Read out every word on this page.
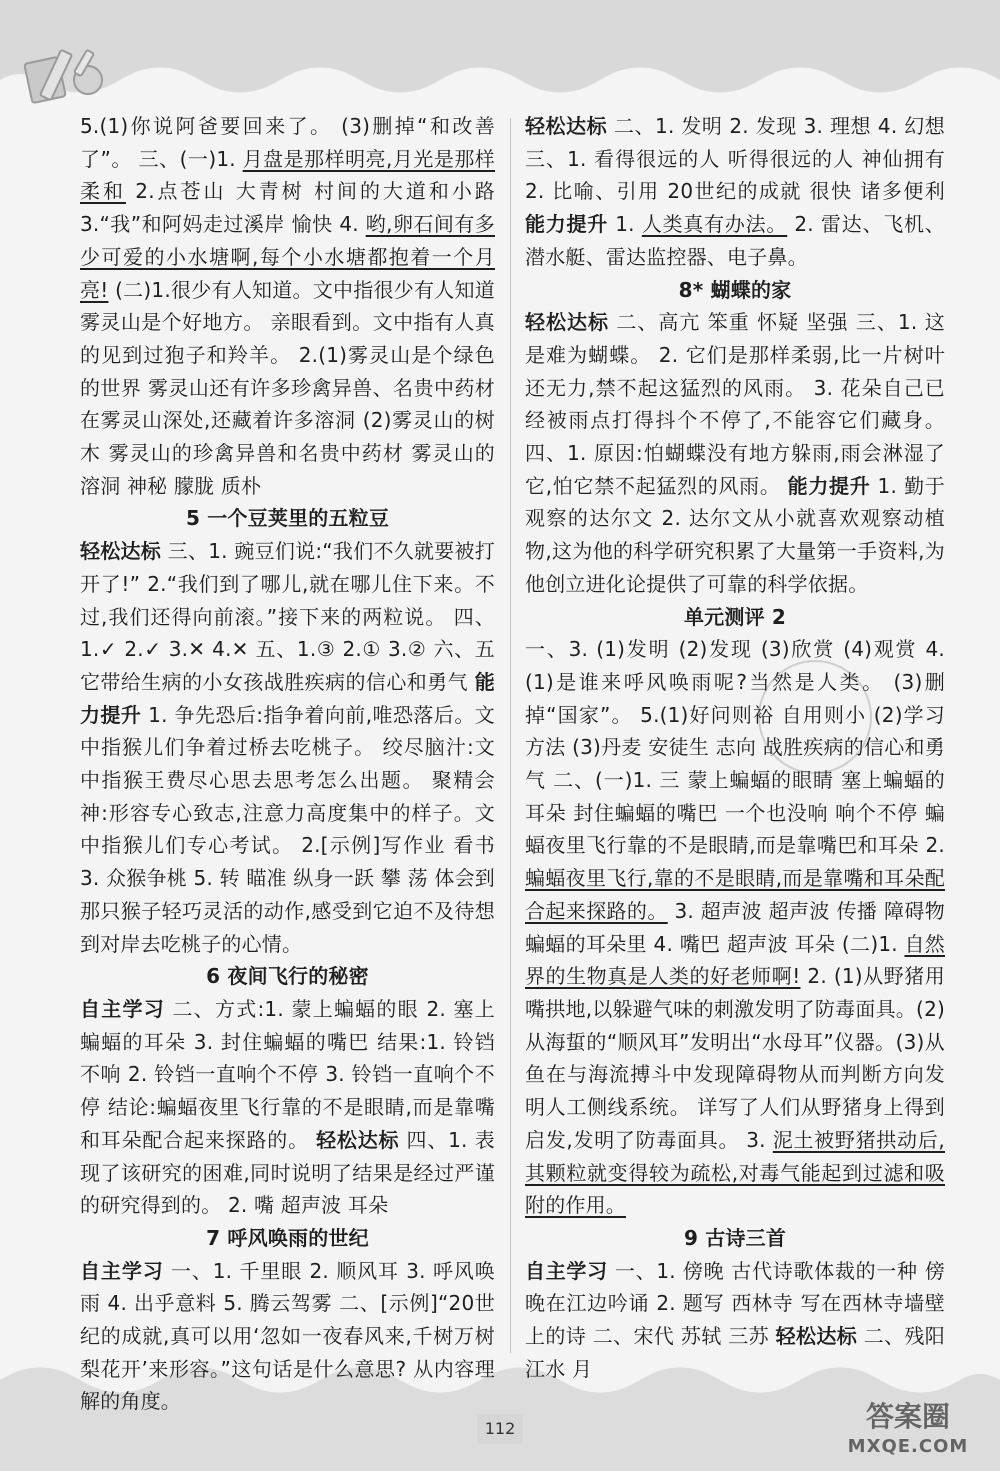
5.(1)你说阿爸要回来了。 (3)删掉“和改善了”。 三、(一)1. 月盘是那样明亮,月光是那样柔和 2.点苍山 大青树 村间的大道和小路 3.“我”和阿妈走过溪岸 愉快 4. 哟,卵石间有多少可爱的小水塘啊,每个小水塘都抱着一个月亮! (二)1.很少有人知道。文中指很少有人知道雾灵山是个好地方。 亲眼看到。文中指有人真的见到过狍子和羚羊。 2.(1)雾灵山是个绿色的世界 雾灵山还有许多珍禽异兽、名贵中药材 在雾灵山深处,还藏着许多溶洞 (2)雾灵山的树木 雾灵山的珍禽异兽和名贵中药材 雾灵山的溶洞 神秘 朦胧 质朴

5 一个豆荚里的五粒豆

轻松达标 三、1. 豌豆们说:“我们不久就要被打开了!” 2.“我们到了哪儿,就在哪儿住下来。不过,我们还得向前滚。”接下来的两粒说。 四、1.✓ 2.✓ 3.✕ 4.✕ 五、1.③ 2.① 3.② 六、五 它带给生病的小女孩战胜疾病的信心和勇气 能力提升 1. 争先恐后:指争着向前,唯恐落后。文中指猴儿们争着过桥去吃桃子。 绞尽脑汁:文中指猴王费尽心思去思考怎么出题。 聚精会神:形容专心致志,注意力高度集中的样子。文中指猴儿们专心考试。 2.[示例]写作业 看书 3. 众猴争桃 5. 转 瞄准 纵身一跃 攀 荡 体会到那只猴子轻巧灵活的动作,感受到它迫不及待想到对岸去吃桃子的心情。

6 夜间飞行的秘密

自主学习 二、方式:1. 蒙上蝙蝠的眼 2. 塞上蝙蝠的耳朵 3. 封住蝙蝠的嘴巴 结果:1. 铃铛不响 2. 铃铛一直响个不停 3. 铃铛一直响个不停 结论:蝙蝠夜里飞行靠的不是眼睛,而是靠嘴和耳朵配合起来探路的。 轻松达标 四、1. 表现了该研究的困难,同时说明了结果是经过严谨的研究得到的。 2. 嘴 超声波 耳朵

7 呼风唤雨的世纪

自主学习 一、1. 千里眼 2. 顺风耳 3. 呼风唤雨 4. 出乎意料 5. 腾云驾雾 二、[示例]“20世纪的成就,真可以用‘忽如一夜春风来,千树万树梨花开’来形容。”这句话是什么意思? 从内容理解的角度。

轻松达标 二、1. 发明 2. 发现 3. 理想 4. 幻想 三、1. 看得很远的人 听得很远的人 神仙拥有 2. 比喻、引用 20世纪的成就 很快 诸多便利 能力提升 1. 人类真有办法。 2. 雷达、飞机、潜水艇、雷达监控器、电子鼻。

8* 蝴蝶的家

轻松达标 二、高亢 笨重 怀疑 坚强 三、1. 这是难为蝴蝶。 2. 它们是那样柔弱,比一片树叶还无力,禁不起这猛烈的风雨。 3. 花朵自己已经被雨点打得抖个不停了,不能容它们藏身。 四、1. 原因:怕蝴蝶没有地方躲雨,雨会淋湿了它,怕它禁不起猛烈的风雨。 能力提升 1. 勤于观察的达尔文 2. 达尔文从小就喜欢观察动植物,这为他的科学研究积累了大量第一手资料,为他创立进化论提供了可靠的科学依据。

单元测评 2

一、3. (1)发明 (2)发现 (3)欣赏 (4)观赏 4. (1)是谁来呼风唤雨呢?当然是人类。 (3)删掉“国家”。 5.(1)好问则裕 自用则小 (2)学习方法 (3)丹麦 安徒生 志向 战胜疾病的信心和勇气 二、(一)1. 三 蒙上蝙蝠的眼睛 塞上蝙蝠的耳朵 封住蝙蝠的嘴巴 一个也没响 响个不停 蝙蝠夜里飞行靠的不是眼睛,而是靠嘴巴和耳朵 2. 蝙蝠夜里飞行,靠的不是眼睛,而是靠嘴和耳朵配合起来探路的。 3. 超声波 超声波 传播 障碍物 蝙蝠的耳朵里 4. 嘴巴 超声波 耳朵 (二)1. 自然界的生物真是人类的好老师啊! 2. (1)从野猪用嘴拱地,以躲避气味的刺激发明了防毒面具。(2)从海蜇的“顺风耳”发明出“水母耳”仪器。(3)从鱼在与海流搏斗中发现障碍物从而判断方向发明人工侧线系统。 详写了人们从野猪身上得到启发,发明了防毒面具。 3. 泥土被野猪拱动后,其颗粒就变得较为疏松,对毒气能起到过滤和吸附的作用。

9 古诗三首

自主学习 一、1. 傍晚 古代诗歌体裁的一种 傍晚在江边吟诵 2. 题写 西林寺 写在西林寺墙壁上的诗 二、宋代 苏轼 三苏 轻松达标 二、残阳 江水 月

112	答案圈
MXQE.COM
